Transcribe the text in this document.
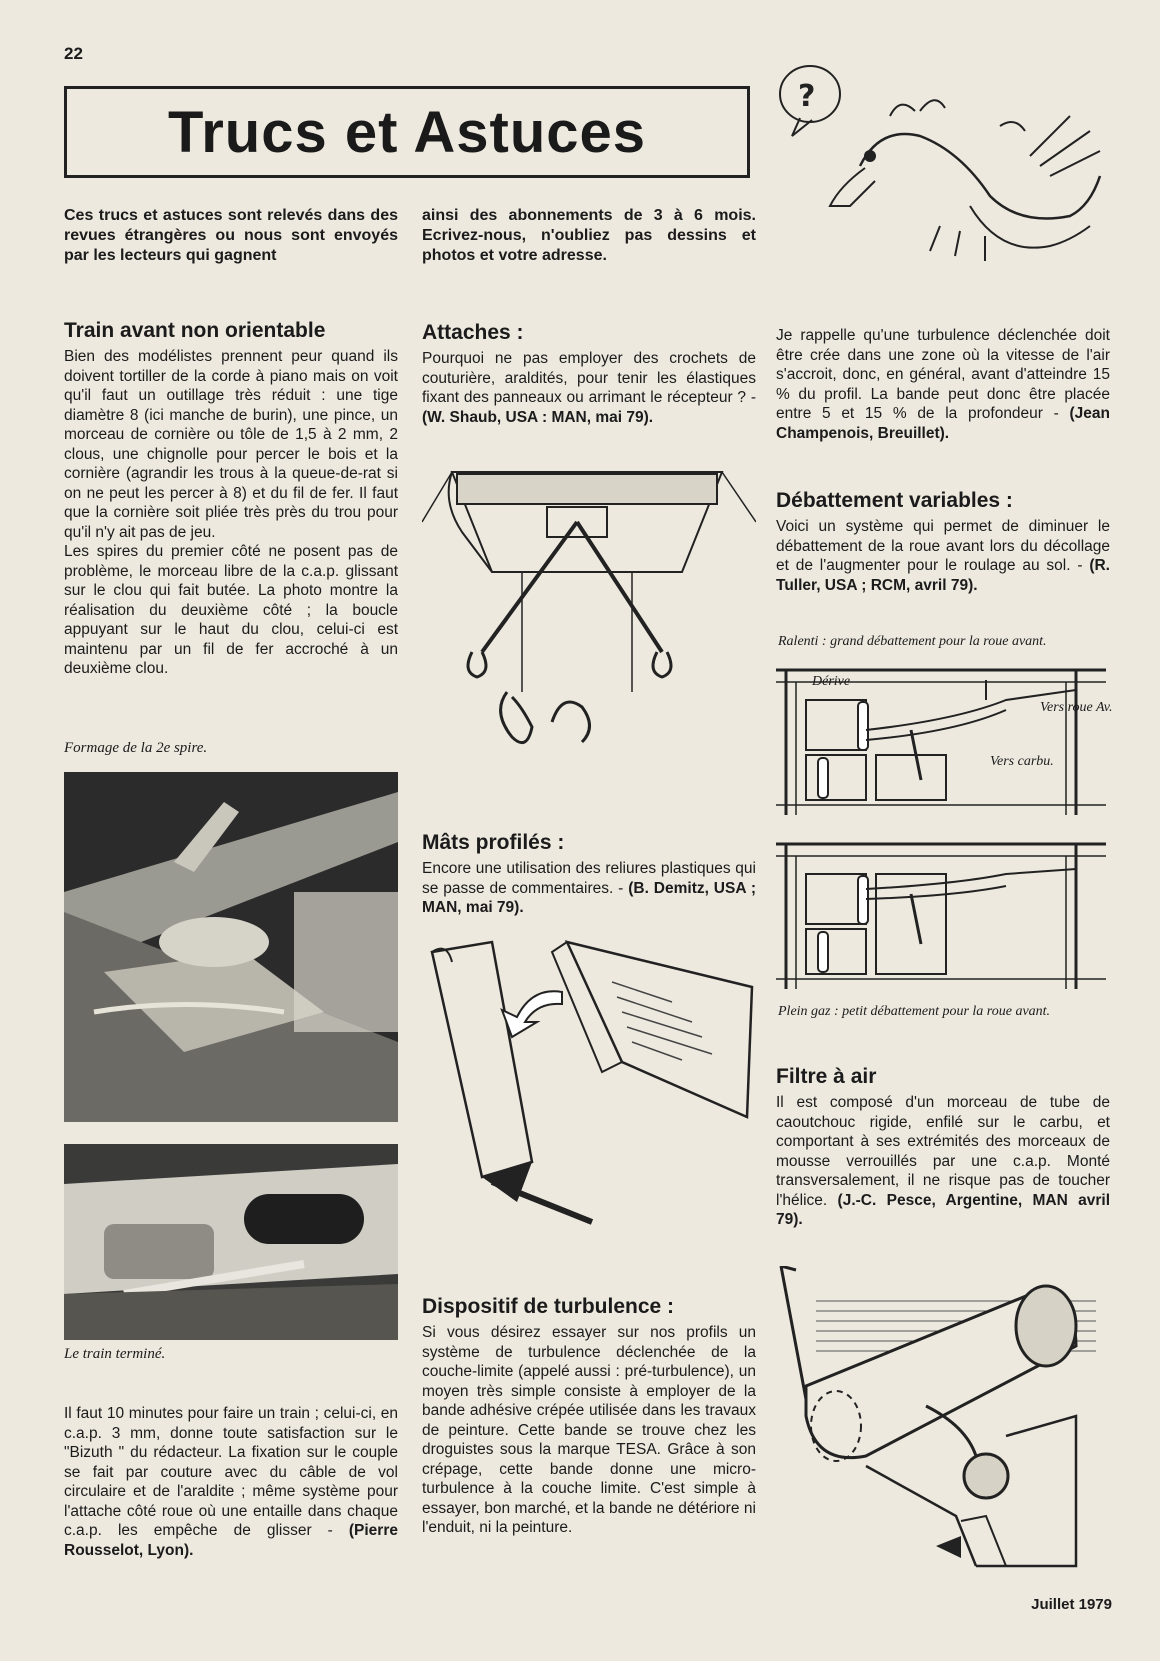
22
Trucs et Astuces
?

Ces trucs et astuces sont relevés dans des revues étrangères ou nous sont envoyés par les lecteurs qui gagnent

ainsi des abonnements de 3 à 6 mois. Ecrivez-nous, n'oubliez pas dessins et photos et votre adresse.

Train avant non orientable

Bien des modélistes prennent peur quand ils doivent tortiller de la corde à piano mais on voit qu'il faut un outillage très réduit : une tige diamètre 8 (ici manche de burin), une pince, un morceau de cornière ou tôle de 1,5 à 2 mm, 2 clous, une chignolle pour percer le bois et la cornière (agrandir les trous à la queue-de-rat si on ne peut les percer à 8) et du fil de fer. Il faut que la cornière soit pliée très près du trou pour qu'il n'y ait pas de jeu.

Les spires du premier côté ne posent pas de problème, le morceau libre de la c.a.p. glissant sur le clou qui fait butée. La photo montre la réalisation du deuxième côté ; la boucle appuyant sur le haut du clou, celui-ci est maintenu par un fil de fer accroché à un deuxième clou.

Formage de la 2e spire.
Le train terminé.

Il faut 10 minutes pour faire un train ; celui-ci, en c.a.p. 3 mm, donne toute satisfaction sur le "Bizuth " du rédacteur. La fixation sur le couple se fait par couture avec du câble de vol circulaire et de l'araldite ; même système pour l'attache côté roue où une entaille dans chaque c.a.p. les empêche de glisser - (Pierre Rousselot, Lyon).

Attaches :

Pourquoi ne pas employer des crochets de couturière, araldités, pour tenir les élastiques fixant des panneaux ou arrimant le récepteur ? - (W. Shaub, USA : MAN, mai 79).

Mâts profilés :

Encore une utilisation des reliures plastiques qui se passe de commentaires. - (B. Demitz, USA ; MAN, mai 79).

Dispositif de turbulence :

Si vous désirez essayer sur nos profils un système de turbulence déclenchée de la couche-limite (appelé aussi : pré-turbulence), un moyen très simple consiste à employer de la bande adhésive crépée utilisée dans les travaux de peinture. Cette bande se trouve chez les droguistes sous la marque TESA. Grâce à son crépage, cette bande donne une micro-turbulence à la couche limite. C'est simple à essayer, bon marché, et la bande ne détériore ni l'enduit, ni la peinture.

Je rappelle qu'une turbulence déclenchée doit être crée dans une zone où la vitesse de l'air s'accroit, donc, en général, avant d'atteindre 15 % du profil. La bande peut donc être placée entre 5 et 15 % de la profondeur - (Jean Champenois, Breuillet).

Débattement variables :

Voici un système qui permet de diminuer le débattement de la roue avant lors du décollage et de l'augmenter pour le roulage au sol. - (R. Tuller, USA ; RCM, avril 79).

Ralenti : grand débattement pour la roue avant.
Dérive
Vers roue Av.
Vers carbu.
Plein gaz : petit débattement pour la roue avant.
Filtre à air

Il est composé d'un morceau de tube de caoutchouc rigide, enfilé sur le carbu, et comportant à ses extrémités des morceaux de mousse verrouillés par une c.a.p. Monté transversalement, il ne risque pas de toucher l'hélice. (J.-C. Pesce, Argentine, MAN avril 79).

Juillet 1979
